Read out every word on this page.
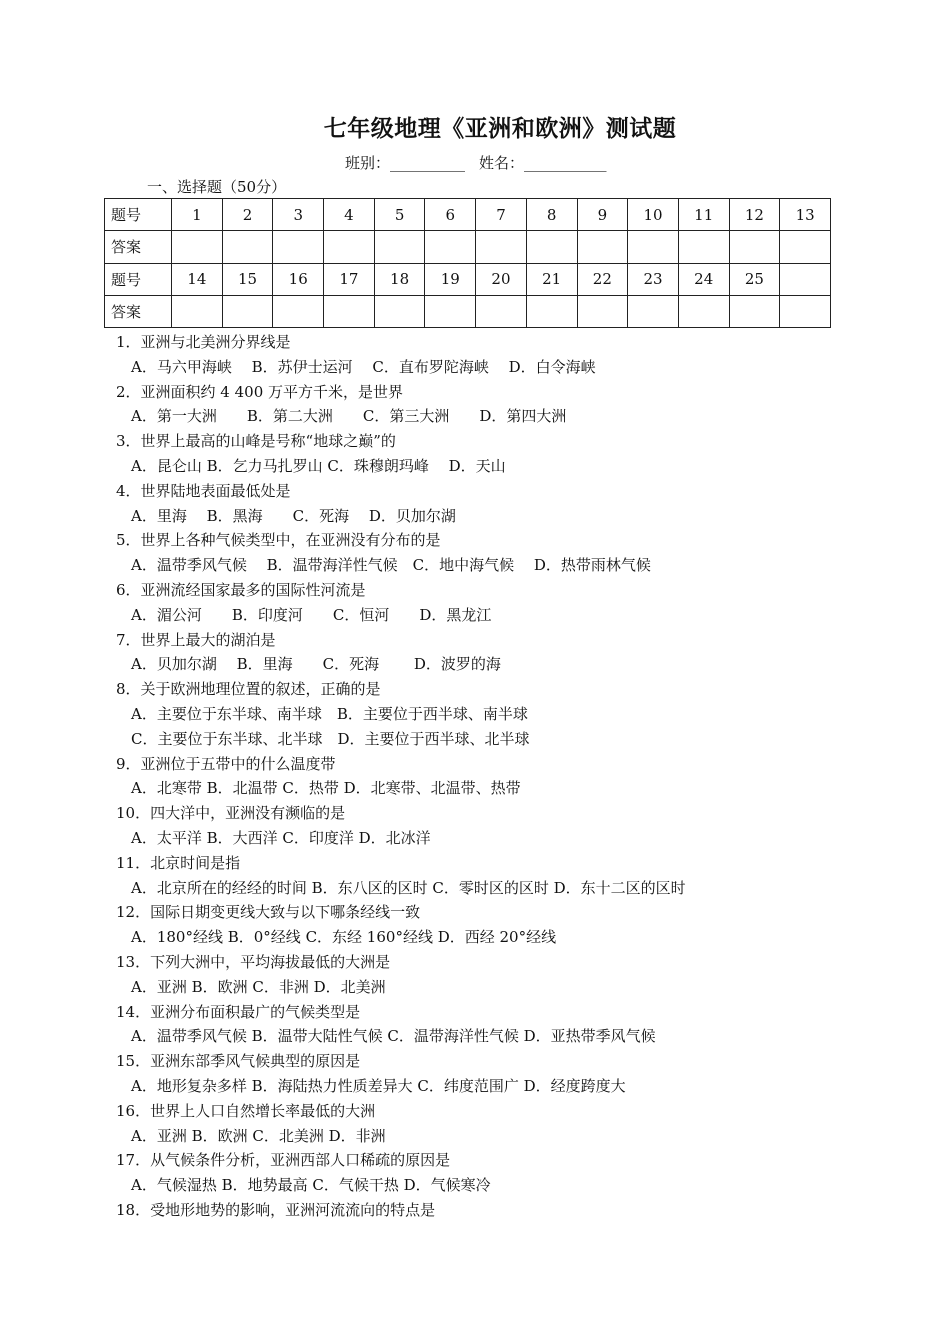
七年级地理《亚洲和欧洲》测试题
班别：__________ 姓名：___________
一、选择题（50分）
题号	1	2	3	4	5	6	7	8	9	10	11	12	13
答案													
题号	14	15	16	17	18	19	20	21	22	23	24	25	
答案													
1．亚洲与北美洲分界线是
A．马六甲海峡　 B．苏伊士运河　 C．直布罗陀海峡　 D．白令海峡
2．亚洲面积约 4 400 万平方千米，是世界
A．第一大洲　　B．第二大洲　　C．第三大洲　　D．第四大洲
3．世界上最高的山峰是号称“地球之巅”的
A．昆仑山 B．乞力马扎罗山 C．珠穆朗玛峰　 D．天山
4．世界陆地表面最低处是
A．里海　 B．黑海　　C．死海　 D．贝加尔湖
5．世界上各种气候类型中，在亚洲没有分布的是
A．温带季风气候　 B．温带海洋性气候　C．地中海气候　 D．热带雨林气候
6．亚洲流经国家最多的国际性河流是
A．湄公河　　B．印度河　　C．恒河　　D．黑龙江
7．世界上最大的湖泊是
A．贝加尔湖　 B．里海　　C．死海　　 D．波罗的海
8．关于欧洲地理位置的叙述，正确的是
A．主要位于东半球、南半球　B．主要位于西半球、南半球
C．主要位于东半球、北半球　D．主要位于西半球、北半球
9．亚洲位于五带中的什么温度带
A．北寒带 B．北温带 C．热带 D．北寒带、北温带、热带
10．四大洋中，亚洲没有濒临的是
A．太平洋 B．大西洋 C．印度洋 D．北冰洋
11．北京时间是指
A．北京所在的经经的时间 B．东八区的区时 C．零时区的区时 D．东十二区的区时
12．国际日期变更线大致与以下哪条经线一致
A．180°经线 B．0°经线 C．东经 160°经线 D．西经 20°经线
13．下列大洲中，平均海拔最低的大洲是
A．亚洲 B．欧洲 C．非洲 D．北美洲
14．亚洲分布面积最广的气候类型是
A．温带季风气候 B．温带大陆性气候 C．温带海洋性气候 D．亚热带季风气候
15．亚洲东部季风气候典型的原因是
A．地形复杂多样 B．海陆热力性质差异大 C．纬度范围广 D．经度跨度大
16．世界上人口自然增长率最低的大洲
A．亚洲 B．欧洲 C．北美洲 D．非洲
17．从气候条件分析，亚洲西部人口稀疏的原因是
A．气候湿热 B．地势最高 C．气候干热 D．气候寒冷
18．受地形地势的影响，亚洲河流流向的特点是
